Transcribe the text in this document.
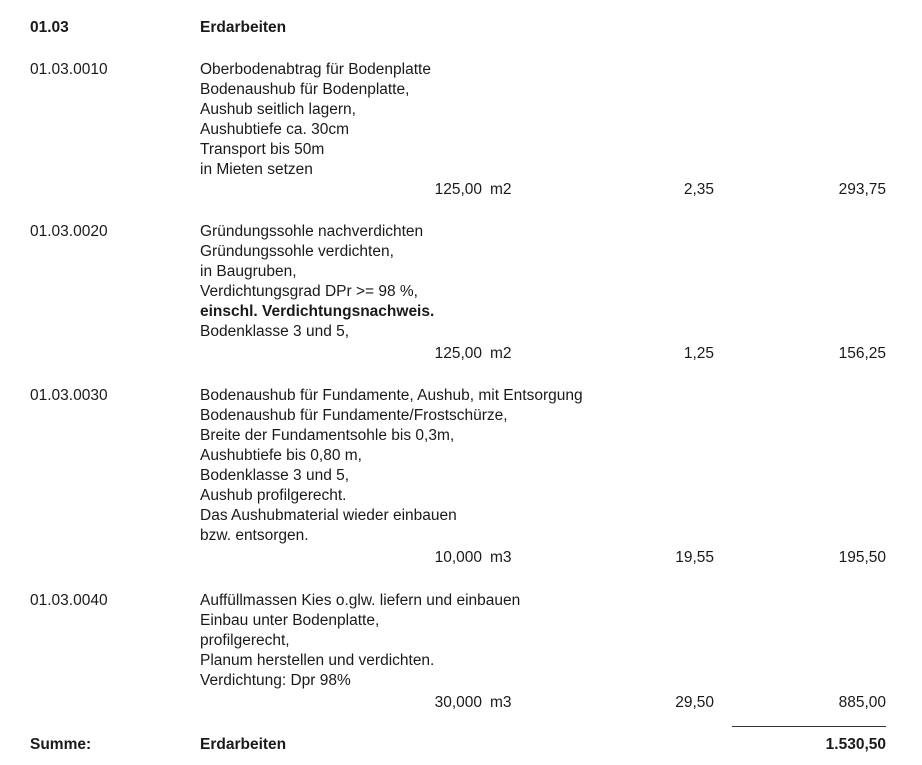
01.03	Erdarbeiten
01.03.0010	Oberbodenabtrag für Bodenplatte
Bodenaushub für Bodenplatte,
Aushub seitlich lagern,
Aushubtiefe ca. 30cm
Transport bis 50m
in Mieten setzen
125,00 m2	2,35	293,75
01.03.0020	Gründungssohle nachverdichten
Gründungssohle verdichten,
in Baugruben,
Verdichtungsgrad DPr >= 98 %,
einschl. Verdichtungsnachweis.
Bodenklasse 3 und 5,
125,00 m2	1,25	156,25
01.03.0030	Bodenaushub für Fundamente, Aushub, mit Entsorgung
Bodenaushub für Fundamente/Frostschürze,
Breite der Fundamentsohle bis 0,3m,
Aushubtiefe bis 0,80 m,
Bodenklasse 3 und 5,
Aushub profilgerecht.
Das Aushubmaterial wieder einbauen
bzw. entsorgen.
10,000 m3	19,55	195,50
01.03.0040	Auffüllmassen Kies o.glw. liefern und einbauen
Einbau unter Bodenplatte,
profilgerecht,
Planum herstellen und verdichten.
Verdichtung: Dpr 98%
30,000 m3	29,50	885,00
Summe:	Erdarbeiten	1.530,50
